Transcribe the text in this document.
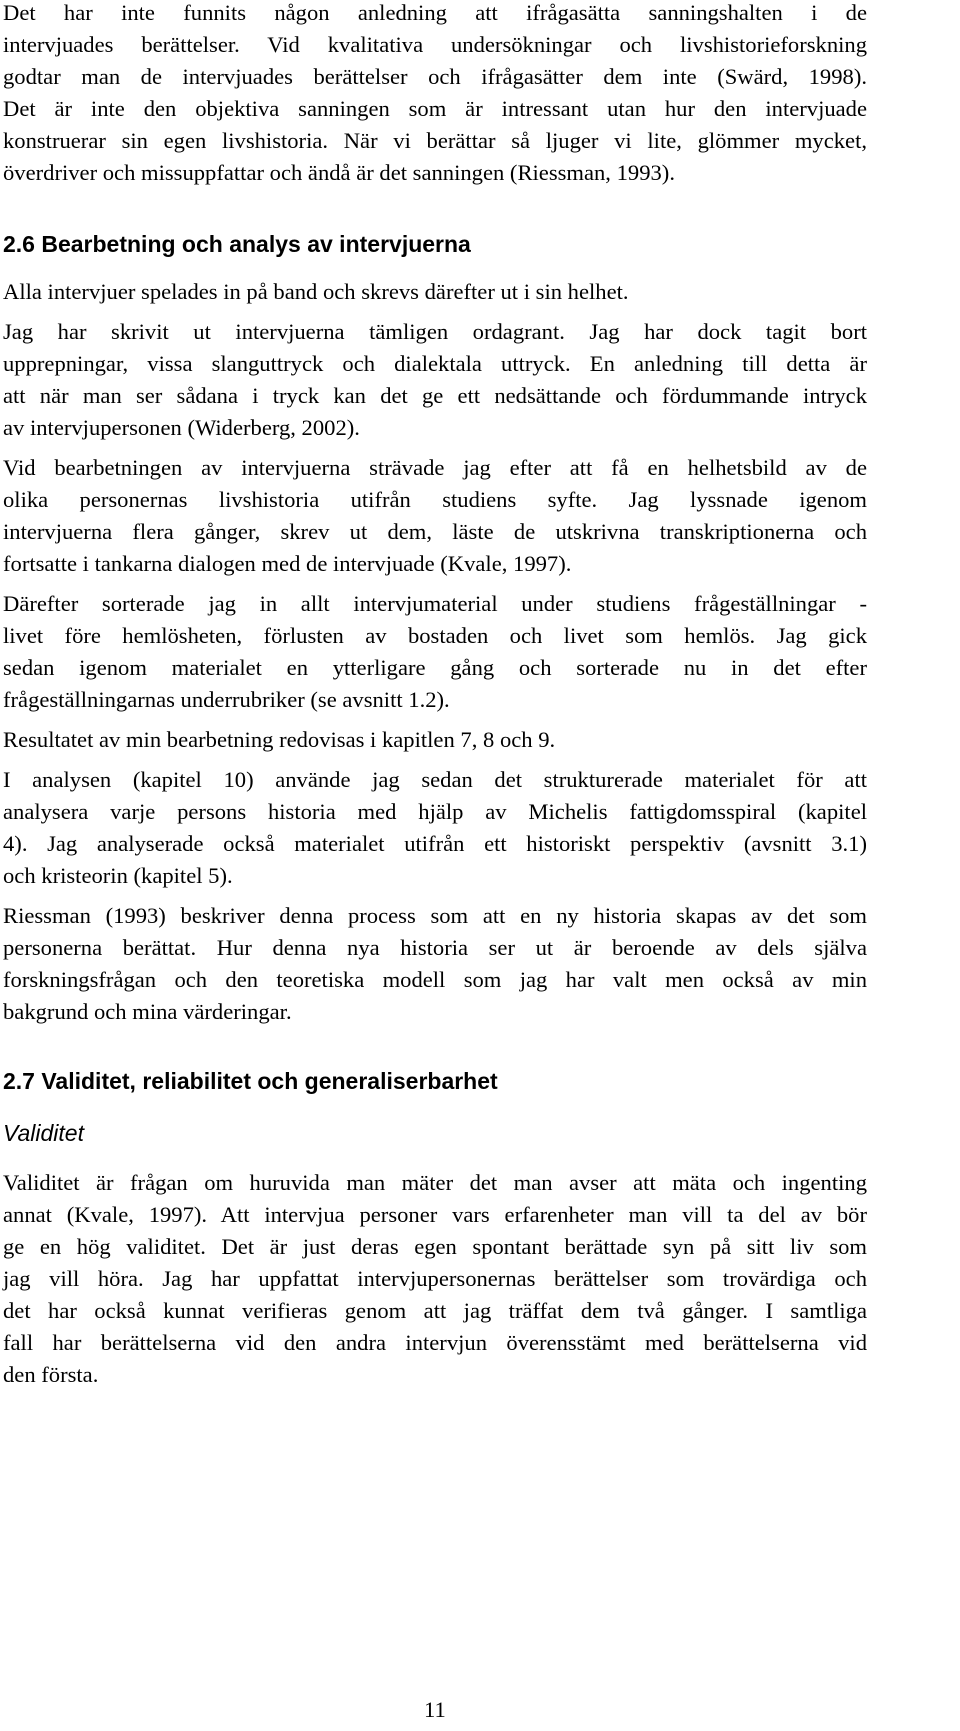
Det har inte funnits någon anledning att ifrågasätta sanningshalten i de
intervjuades berättelser. Vid kvalitativa undersökningar och livshistorieforskning
godtar man de intervjuades berättelser och ifrågasätter dem inte (Swärd, 1998).
Det är inte den objektiva sanningen som är intressant utan hur den intervjuade
konstruerar sin egen livshistoria. När vi berättar så ljuger vi lite, glömmer mycket,
överdriver och missuppfattar och ändå är det sanningen (Riessman, 1993).
2.6 Bearbetning och analys av intervjuerna
Alla intervjuer spelades in på band och skrevs därefter ut i sin helhet.
Jag har skrivit ut intervjuerna tämligen ordagrant. Jag har dock tagit bort
upprepningar, vissa slanguttryck och dialektala uttryck. En anledning till detta är
att när man ser sådana i tryck kan det ge ett nedsättande och fördummande intryck
av intervjupersonen (Widerberg, 2002).
Vid bearbetningen av intervjuerna strävade jag efter att få en helhetsbild av de
olika personernas livshistoria utifrån studiens syfte. Jag lyssnade igenom
intervjuerna flera gånger, skrev ut dem, läste de utskrivna transkriptionerna och
fortsatte i tankarna dialogen med de intervjuade (Kvale, 1997).
Därefter sorterade jag in allt intervjumaterial under studiens frågeställningar -
livet före hemlösheten, förlusten av bostaden och livet som hemlös. Jag gick
sedan igenom materialet en ytterligare gång och sorterade nu in det efter
frågeställningarnas underrubriker (se avsnitt 1.2).
Resultatet av min bearbetning redovisas i kapitlen 7, 8 och 9.
I analysen (kapitel 10) använde jag sedan det strukturerade materialet för att
analysera varje persons historia med hjälp av Michelis fattigdomsspiral (kapitel
4). Jag analyserade också materialet utifrån ett historiskt perspektiv (avsnitt 3.1)
och kristeorin (kapitel 5).
Riessman (1993) beskriver denna process som att en ny historia skapas av det som
personerna berättat. Hur denna nya historia ser ut är beroende av dels själva
forskningsfrågan och den teoretiska modell som jag har valt men också av min
bakgrund och mina värderingar.
2.7 Validitet, reliabilitet och generaliserbarhet
Validitet
Validitet är frågan om huruvida man mäter det man avser att mäta och ingenting
annat (Kvale, 1997). Att intervjua personer vars erfarenheter man vill ta del av bör
ge en hög validitet. Det är just deras egen spontant berättade syn på sitt liv som
jag vill höra. Jag har uppfattat intervjupersonernas berättelser som trovärdiga och
det har också kunnat verifieras genom att jag träffat dem två gånger. I samtliga
fall har berättelserna vid den andra intervjun överensstämt med berättelserna vid
den första.
11
